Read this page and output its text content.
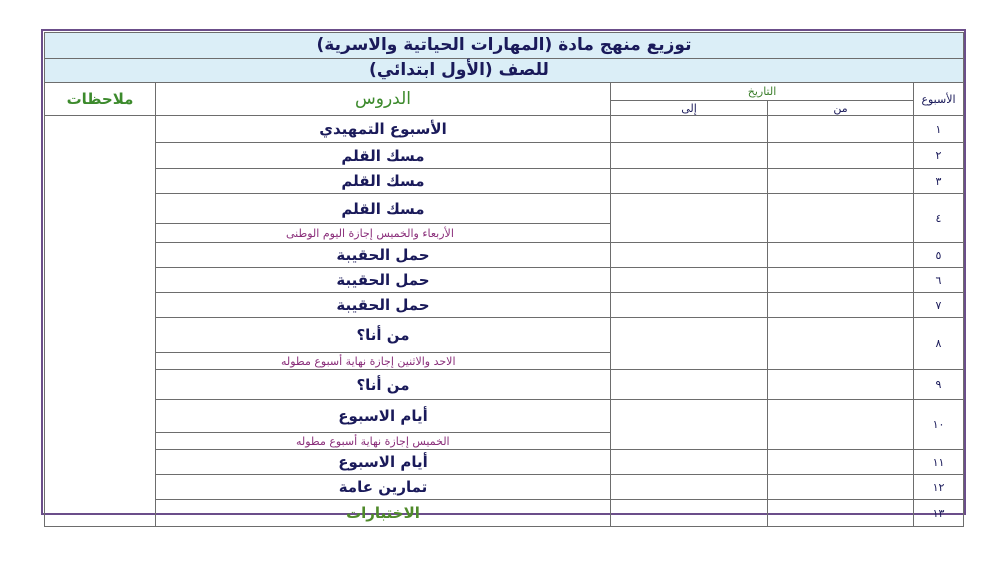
توزيع منهج مادة (المهارات الحياتية والاسرية)				

للصف (الأول ابتدائي)				
الأسبوع	التاريخ		الدروس	ملاحظات
	من	إلى		
١			الأسبوع التمهيدي	
٢			مسك القلم	
٣			مسك القلم	
٤			مسك القلم	
			الأربعاء والخميس إجازة اليوم الوطنى	
٥			حمل الحقيبة	
٦			حمل الحقيبة	
٧			حمل الحقيبة	
٨			من أنا؟	
			الاحد والاثنين إجازة نهاية أسبوع مطوله	
٩			من أنا؟	
١٠			أيام الاسبوع	
			الخميس إجازة نهاية أسبوع مطوله	
١١			أيام الاسبوع	
١٢			تمارين عامة	
١٣			الاختبارات	
